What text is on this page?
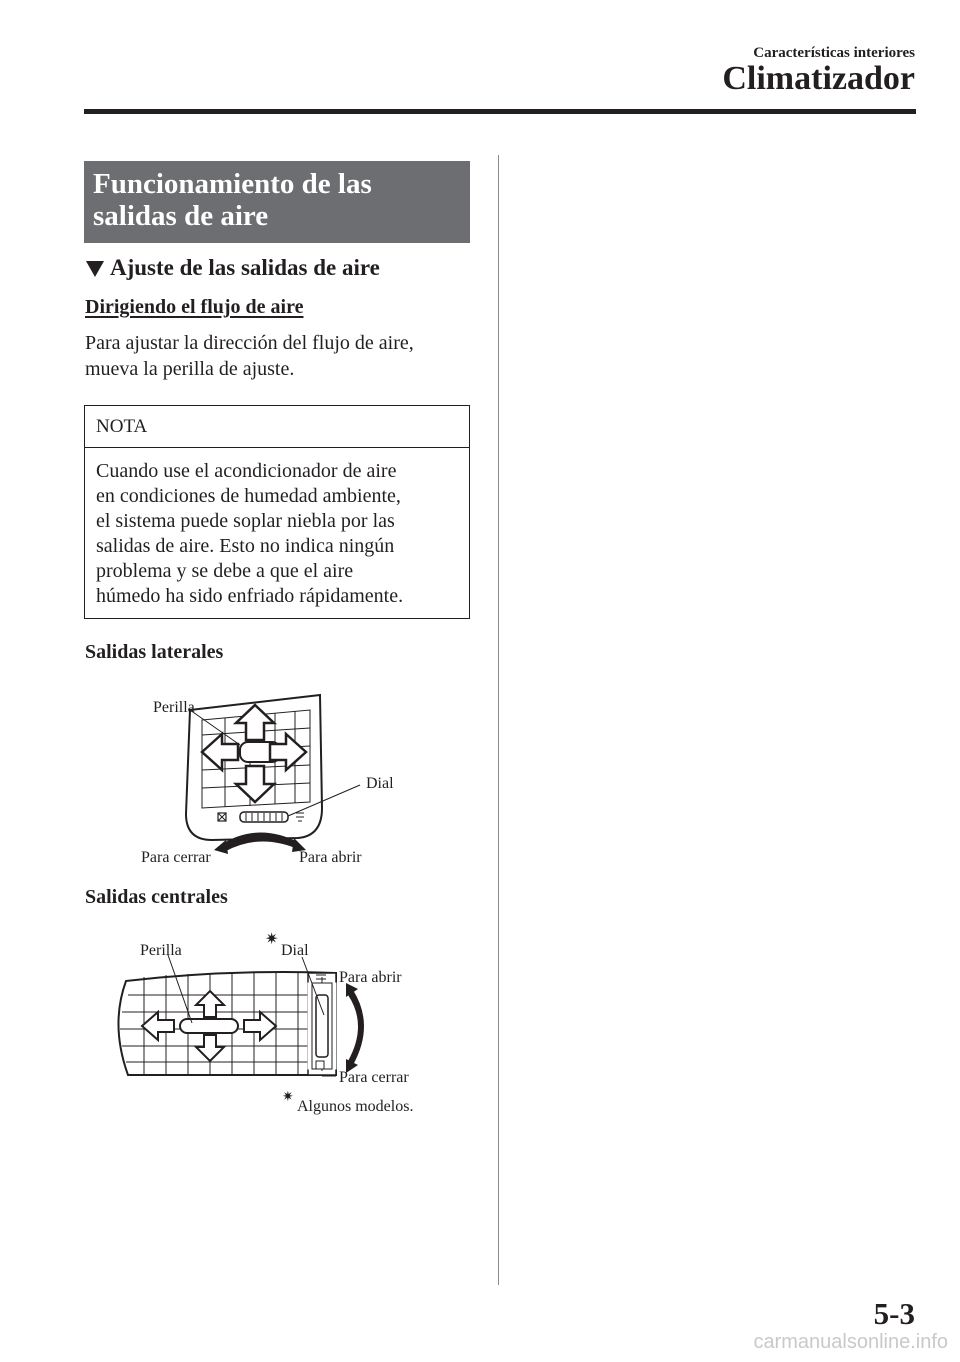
Características interiores
Climatizador
Funcionamiento de las
salidas de aire
Ajuste de las salidas de aire
Dirigiendo el flujo de aire
Para ajustar la dirección del flujo de aire,
mueva la perilla de ajuste.
NOTA
Cuando use el acondicionador de aire
en condiciones de humedad ambiente,
el sistema puede soplar niebla por las
salidas de aire. Esto no indica ningún
problema y se debe a que el aire
húmedo ha sido enfriado rápidamente.
Salidas laterales
Perilla
Dial
Para cerrar	Para abrir
Salidas centrales
✷
✷
Perilla	Dial
Para abrir
Para cerrar
Algunos modelos.
5-3
carmanualsonline.info
